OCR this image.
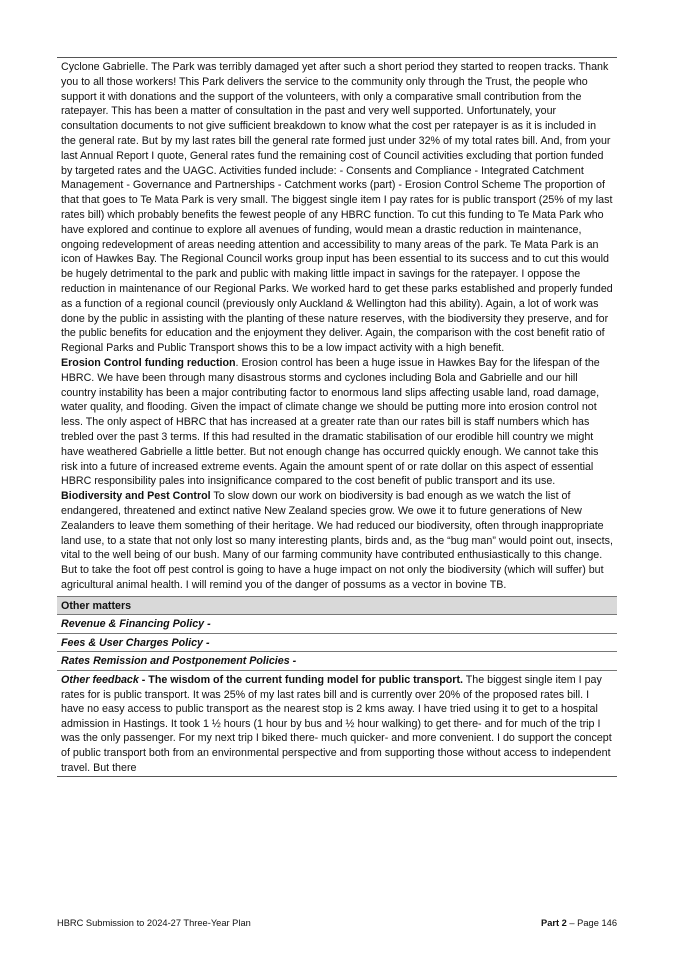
Cyclone Gabrielle. The Park was terribly damaged yet after such a short period they started to reopen tracks. Thank you to all those workers! This Park delivers the service to the community only through the Trust, the people who support it with donations and the support of the volunteers, with only a comparative small contribution from the ratepayer. This has been a matter of consultation in the past and very well supported. Unfortunately, your consultation documents to not give sufficient breakdown to know what the cost per ratepayer is as it is included in the general rate. But by my last rates bill the general rate formed just under 32% of my total rates bill. And, from your last Annual Report I quote, General rates fund the remaining cost of Council activities excluding that portion funded by targeted rates and the UAGC. Activities funded include: - Consents and Compliance - Integrated Catchment Management - Governance and Partnerships - Catchment works (part) - Erosion Control Scheme The proportion of that that goes to Te Mata Park is very small. The biggest single item I pay rates for is public transport (25% of my last rates bill) which probably benefits the fewest people of any HBRC function. To cut this funding to Te Mata Park who have explored and continue to explore all avenues of funding, would mean a drastic reduction in maintenance, ongoing redevelopment of areas needing attention and accessibility to many areas of the park. Te Mata Park is an icon of Hawkes Bay. The Regional Council works group input has been essential to its success and to cut this would be hugely detrimental to the park and public with making little impact in savings for the ratepayer. I oppose the reduction in maintenance of our Regional Parks. We worked hard to get these parks established and properly funded as a function of a regional council (previously only Auckland & Wellington had this ability). Again, a lot of work was done by the public in assisting with the planting of these nature reserves, with the biodiversity they preserve, and for the public benefits for education and the enjoyment they deliver. Again, the comparison with the cost benefit ratio of Regional Parks and Public Transport shows this to be a low impact activity with a high benefit.

Erosion Control funding reduction. Erosion control has been a huge issue in Hawkes Bay for the lifespan of the HBRC. We have been through many disastrous storms and cyclones including Bola and Gabrielle and our hill country instability has been a major contributing factor to enormous land slips affecting usable land, road damage, water quality, and flooding. Given the impact of climate change we should be putting more into erosion control not less. The only aspect of HBRC that has increased at a greater rate than our rates bill is staff numbers which has trebled over the past 3 terms. If this had resulted in the dramatic stabilisation of our erodible hill country we might have weathered Gabrielle a little better. But not enough change has occurred quickly enough. We cannot take this risk into a future of increased extreme events. Again the amount spent of or rate dollar on this aspect of essential HBRC responsibility pales into insignificance compared to the cost benefit of public transport and its use.

Biodiversity and Pest Control To slow down our work on biodiversity is bad enough as we watch the list of endangered, threatened and extinct native New Zealand species grow. We owe it to future generations of New Zealanders to leave them something of their heritage. We had reduced our biodiversity, often through inappropriate land use, to a state that not only lost so many interesting plants, birds and, as the “bug man” would point out, insects, vital to the well being of our bush. Many of our farming community have contributed enthusiastically to this change. But to take the foot off pest control is going to have a huge impact on not only the biodiversity (which will suffer) but agricultural animal health. I will remind you of the danger of possums as a vector in bovine TB.

Other matters
Revenue & Financing Policy -
Fees & User Charges Policy -
Rates Remission and Postponement Policies -
Other feedback - The wisdom of the current funding model for public transport. The biggest single item I pay rates for is public transport. It was 25% of my last rates bill and is currently over 20% of the proposed rates bill. I have no easy access to public transport as the nearest stop is 2 kms away. I have tried using it to get to a hospital admission in Hastings. It took 1 ½ hours (1 hour by bus and ½ hour walking) to get there- and for much of the trip I was the only passenger. For my next trip I biked there- much quicker- and more convenient. I do support the concept of public transport both from an environmental perspective and from supporting those without access to independent travel. But there
HBRC Submission to 2024-27 Three-Year Plan	Part 2 – Page 146
